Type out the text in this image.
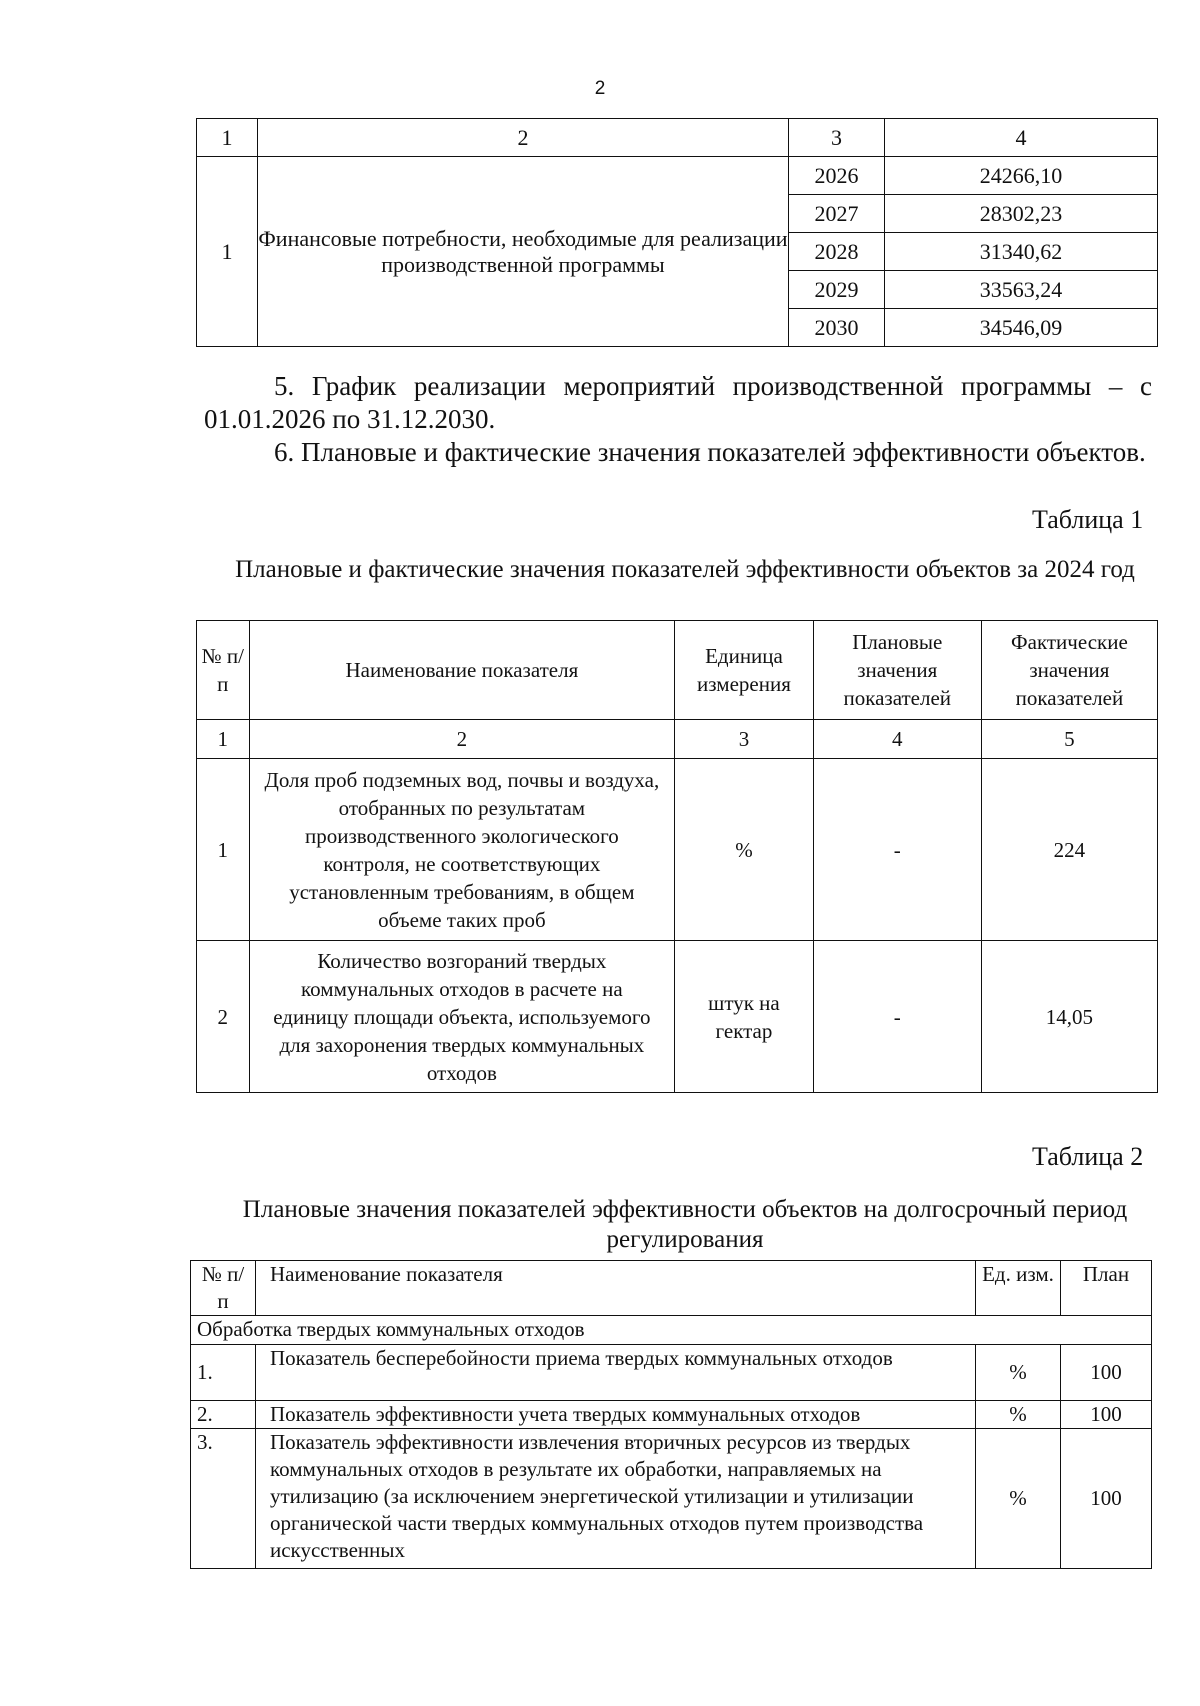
2
1	2	3	4
1	Финансовые потребности, необходимые для реализации производственной программы	2026	24266,10
		2027	28302,23
		2028	31340,62
		2029	33563,24
		2030	34546,09
5. График реализации мероприятий производственной программы – с 01.01.2026 по 31.12.2030.
6. Плановые и фактические значения показателей эффективности объектов.
Таблица 1
Плановые и фактические значения показателей эффективности объектов за 2024 год
№ п/п	Наименование показателя	Единица измерения	Плановые значения показателей	Фактические значения показателей
1	2	3	4	5
1	Доля проб подземных вод, почвы и воздуха, отобранных по результатам производственного экологического контроля, не соответствующих установленным требованиям, в общем объеме таких проб	%	-	224
2	Количество возгораний твердых коммунальных отходов в расчете на единицу площади объекта, используемого для захоронения твердых коммунальных отходов	штук на гектар	-	14,05
Таблица 2
Плановые значения показателей эффективности объектов на долгосрочный период регулирования
№ п/п	Наименование показателя	Ед. изм.	План
Обработка твердых коммунальных отходов			
1.	Показатель бесперебойности приема твердых коммунальных отходов	%	100
2.	Показатель эффективности учета твердых коммунальных отходов	%	100
3.	Показатель эффективности извлечения вторичных ресурсов из твердых коммунальных отходов в результате их обработки, направляемых на утилизацию (за исключением энергетической утилизации и утилизации органической части твердых коммунальных отходов путем производства искусственных	%	100
